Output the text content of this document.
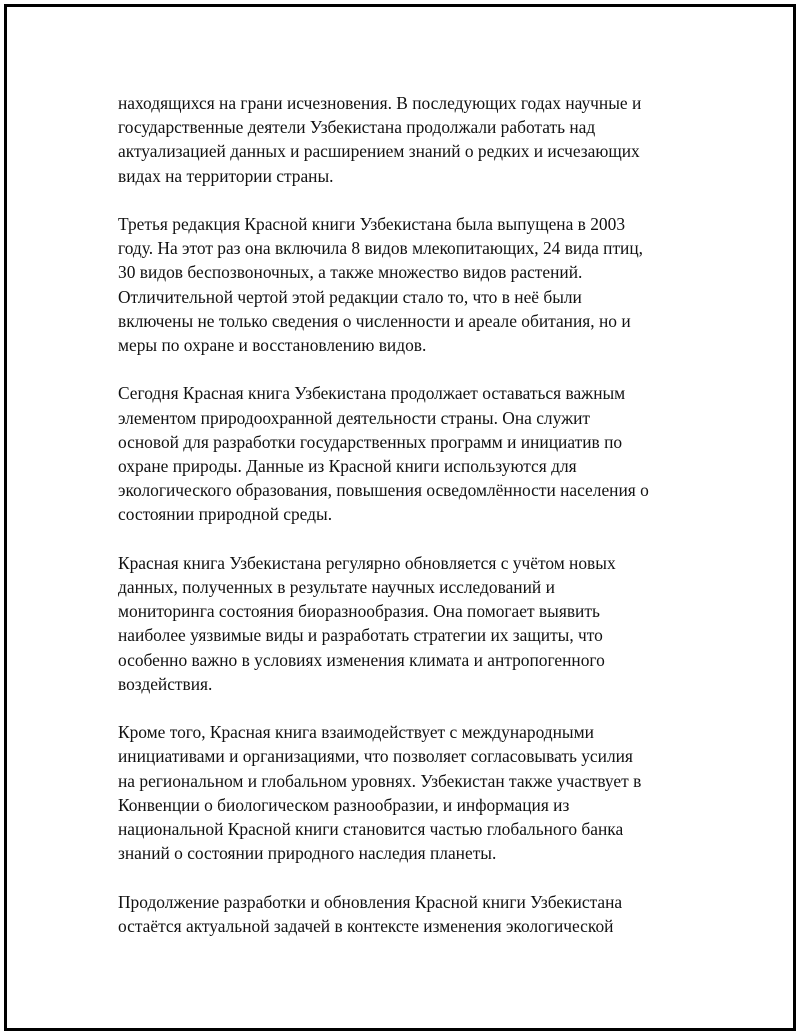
находящихся на грани исчезновения. В последующих годах научные и
государственные деятели Узбекистана продолжали работать над
актуализацией данных и расширением знаний о редких и исчезающих
видах на территории страны.

Третья редакция Красной книги Узбекистана была выпущена в 2003
году. На этот раз она включила 8 видов млекопитающих, 24 вида птиц,
30 видов беспозвоночных, а также множество видов растений.
Отличительной чертой этой редакции стало то, что в неё были
включены не только сведения о численности и ареале обитания, но и
меры по охране и восстановлению видов.

Сегодня Красная книга Узбекистана продолжает оставаться важным
элементом природоохранной деятельности страны. Она служит
основой для разработки государственных программ и инициатив по
охране природы. Данные из Красной книги используются для
экологического образования, повышения осведомлённости населения о
состоянии природной среды.

Красная книга Узбекистана регулярно обновляется с учётом новых
данных, полученных в результате научных исследований и
мониторинга состояния биоразнообразия. Она помогает выявить
наиболее уязвимые виды и разработать стратегии их защиты, что
особенно важно в условиях изменения климата и антропогенного
воздействия.

Кроме того, Красная книга взаимодействует с международными
инициативами и организациями, что позволяет согласовывать усилия
на региональном и глобальном уровнях. Узбекистан также участвует в
Конвенции о биологическом разнообразии, и информация из
национальной Красной книги становится частью глобального банка
знаний о состоянии природного наследия планеты.

Продолжение разработки и обновления Красной книги Узбекистана
остаётся актуальной задачей в контексте изменения экологической
